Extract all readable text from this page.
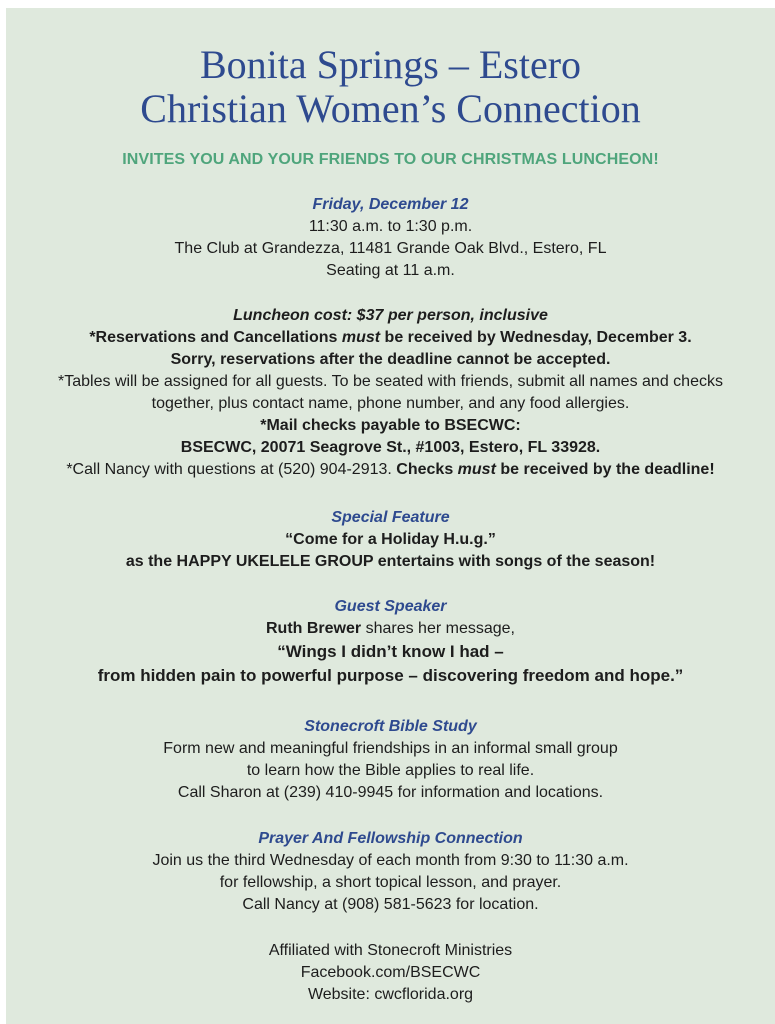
Bonita Springs – Estero
Christian Women’s Connection
INVITES YOU AND YOUR FRIENDS TO OUR CHRISTMAS LUNCHEON!
Friday, December 12
11:30 a.m. to 1:30 p.m.
The Club at Grandezza, 11481 Grande Oak Blvd., Estero, FL
Seating at 11 a.m.
Luncheon cost: $37 per person, inclusive
*Reservations and Cancellations must be received by Wednesday, December 3.
Sorry, reservations after the deadline cannot be accepted.
*Tables will be assigned for all guests. To be seated with friends, submit all names and checks
together, plus contact name, phone number, and any food allergies.
*Mail checks payable to BSECWC:
BSECWC, 20071 Seagrove St., #1003, Estero, FL 33928.
*Call Nancy with questions at (520) 904-2913. Checks must be received by the deadline!
Special Feature
“Come for a Holiday H.u.g.”
as the HAPPY UKELELE GROUP entertains with songs of the season!
Guest Speaker
Ruth Brewer shares her message,
“Wings I didn’t know I had –
from hidden pain to powerful purpose – discovering freedom and hope.”
Stonecroft Bible Study
Form new and meaningful friendships in an informal small group
to learn how the Bible applies to real life.
Call Sharon at (239) 410-9945 for information and locations.
Prayer And Fellowship Connection
Join us the third Wednesday of each month from 9:30 to 11:30 a.m.
for fellowship, a short topical lesson, and prayer.
Call Nancy at (908) 581-5623 for location.
Affiliated with Stonecroft Ministries
Facebook.com/BSECWC
Website: cwcflorida.org
